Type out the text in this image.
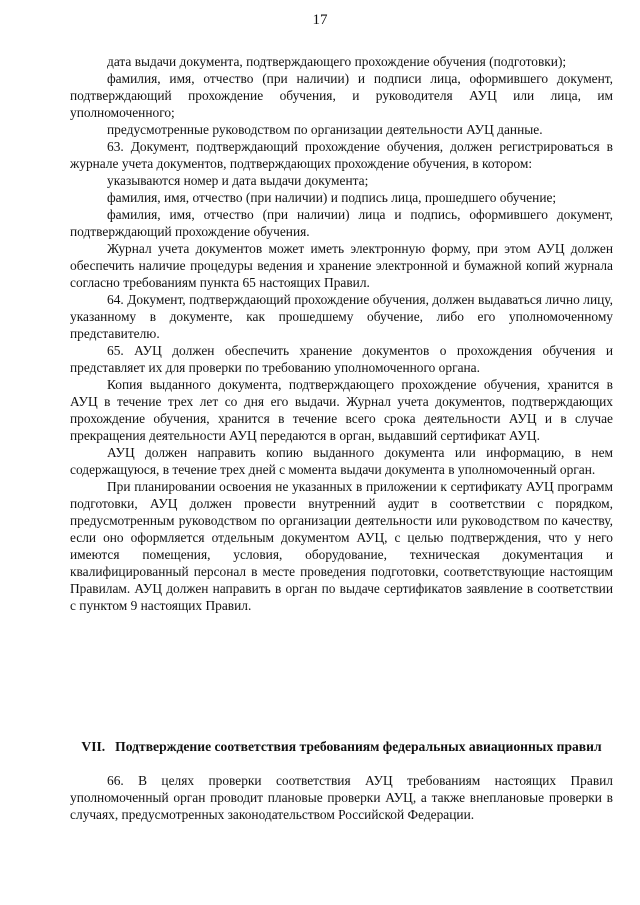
17

дата выдачи документа, подтверждающего прохождение обучения (подготовки);

фамилия, имя, отчество (при наличии) и подписи лица, оформившего документ, подтверждающий прохождение обучения, и руководителя АУЦ или лица, им уполномоченного;

предусмотренные руководством по организации деятельности АУЦ данные.

63. Документ, подтверждающий прохождение обучения, должен регистрироваться в журнале учета документов, подтверждающих прохождение обучения, в котором:

указываются номер и дата выдачи документа;

фамилия, имя, отчество (при наличии) и подпись лица, прошедшего обучение;

фамилия, имя, отчество (при наличии) лица и подпись, оформившего документ, подтверждающий прохождение обучения.

Журнал учета документов может иметь электронную форму, при этом АУЦ должен обеспечить наличие процедуры ведения и хранение электронной и бумажной копий журнала согласно требованиям пункта 65 настоящих Правил.

64. Документ, подтверждающий прохождение обучения, должен выдаваться лично лицу, указанному в документе, как прошедшему обучение, либо его уполномоченному представителю.

65. АУЦ должен обеспечить хранение документов о прохождения обучения и представляет их для проверки по требованию уполномоченного органа.

Копия выданного документа, подтверждающего прохождение обучения, хранится в АУЦ в течение трех лет со дня его выдачи. Журнал учета документов, подтверждающих прохождение обучения, хранится в течение всего срока деятельности АУЦ и в случае прекращения деятельности АУЦ передаются в орган, выдавший сертификат АУЦ.

АУЦ должен направить копию выданного документа или информацию, в нем содержащуюся, в течение трех дней с момента выдачи документа в уполномоченный орган.

При планировании освоения не указанных в приложении к сертификату АУЦ программ подготовки, АУЦ должен провести внутренний аудит в соответствии с порядком, предусмотренным руководством по организации деятельности или руководством по качеству, если оно оформляется отдельным документом АУЦ, с целью подтверждения, что у него имеются помещения, условия, оборудование, техническая документация и квалифицированный персонал в месте проведения подготовки, соответствующие настоящим Правилам. АУЦ должен направить в орган по выдаче сертификатов заявление в соответствии с пунктом 9 настоящих Правил.

VII. Подтверждение соответствия требованиям федеральных авиационных правил

66. В целях проверки соответствия АУЦ требованиям настоящих Правил уполномоченный орган проводит плановые проверки АУЦ, а также внеплановые проверки в случаях, предусмотренных законодательством Российской Федерации.
